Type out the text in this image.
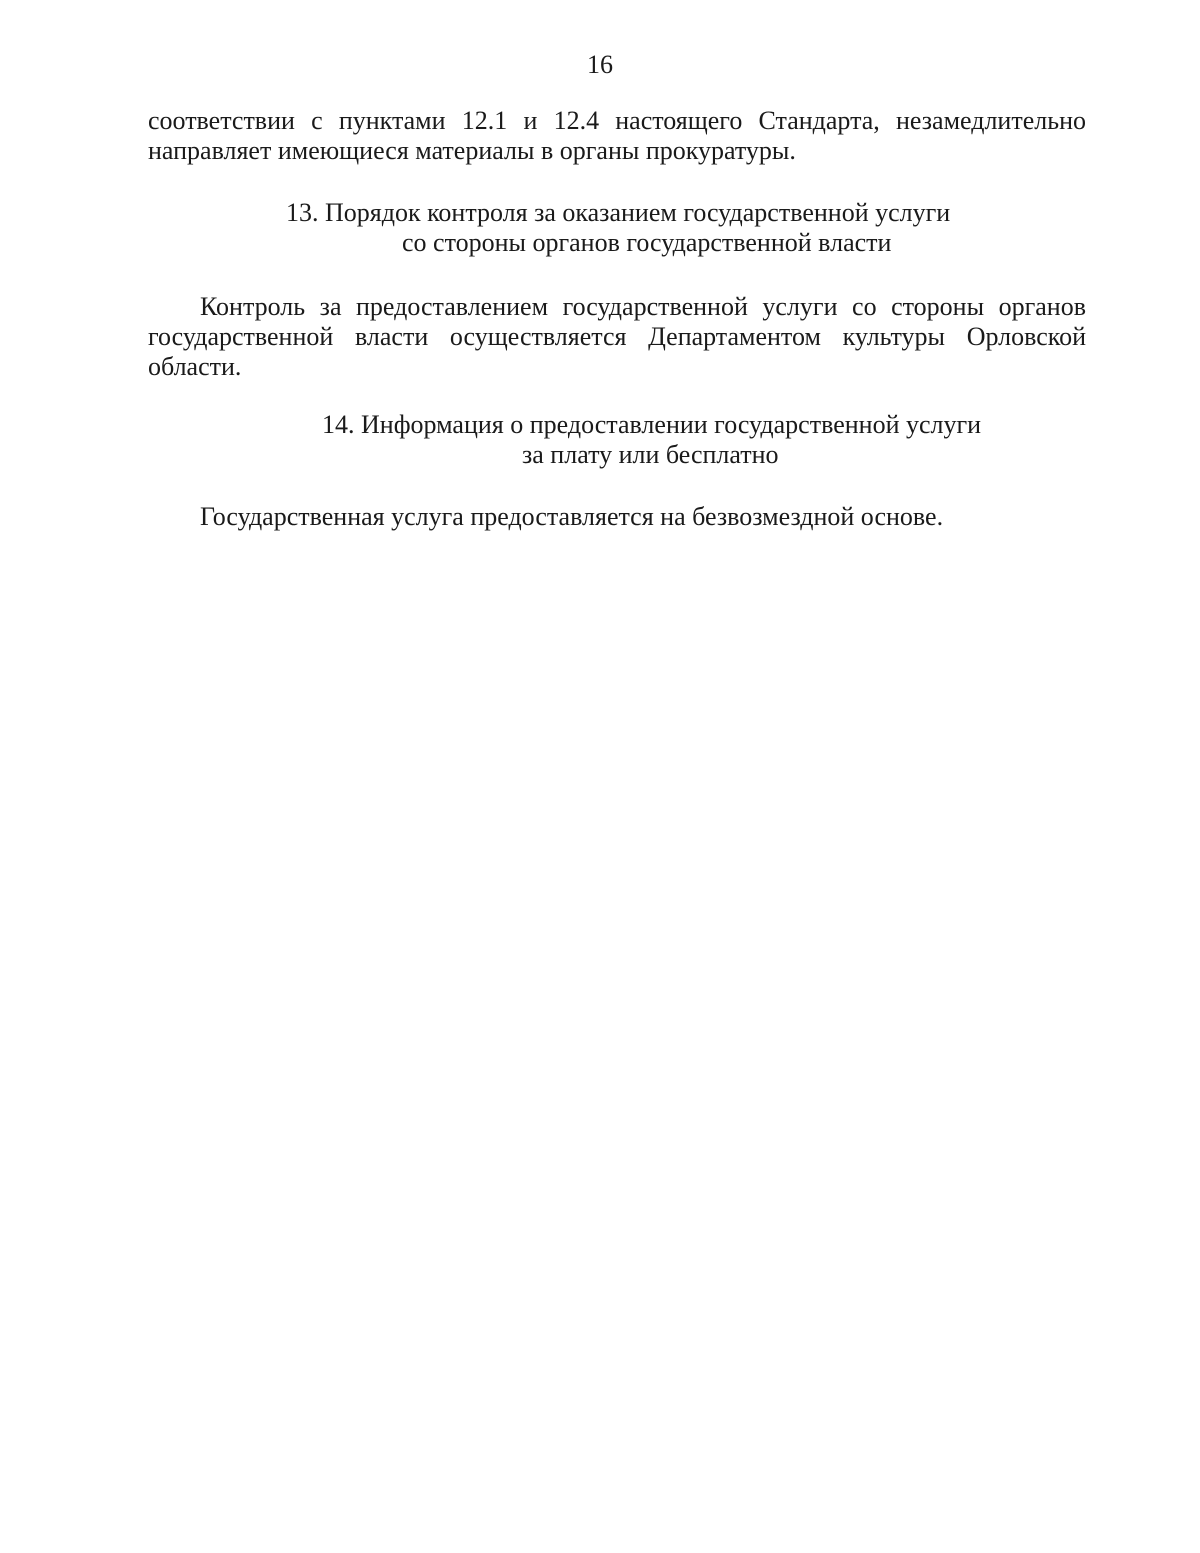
16
соответствии с пунктами 12.1 и 12.4 настоящего Стандарта, незамедлительно
направляет имеющиеся материалы в органы прокуратуры.
13. Порядок контроля за оказанием государственной услуги
со стороны органов государственной власти
Контроль за предоставлением государственной услуги со стороны органов
государственной власти осуществляется Департаментом культуры Орловской
области.
14. Информация о предоставлении государственной услуги
за плату или бесплатно
Государственная услуга предоставляется на безвозмездной основе.
